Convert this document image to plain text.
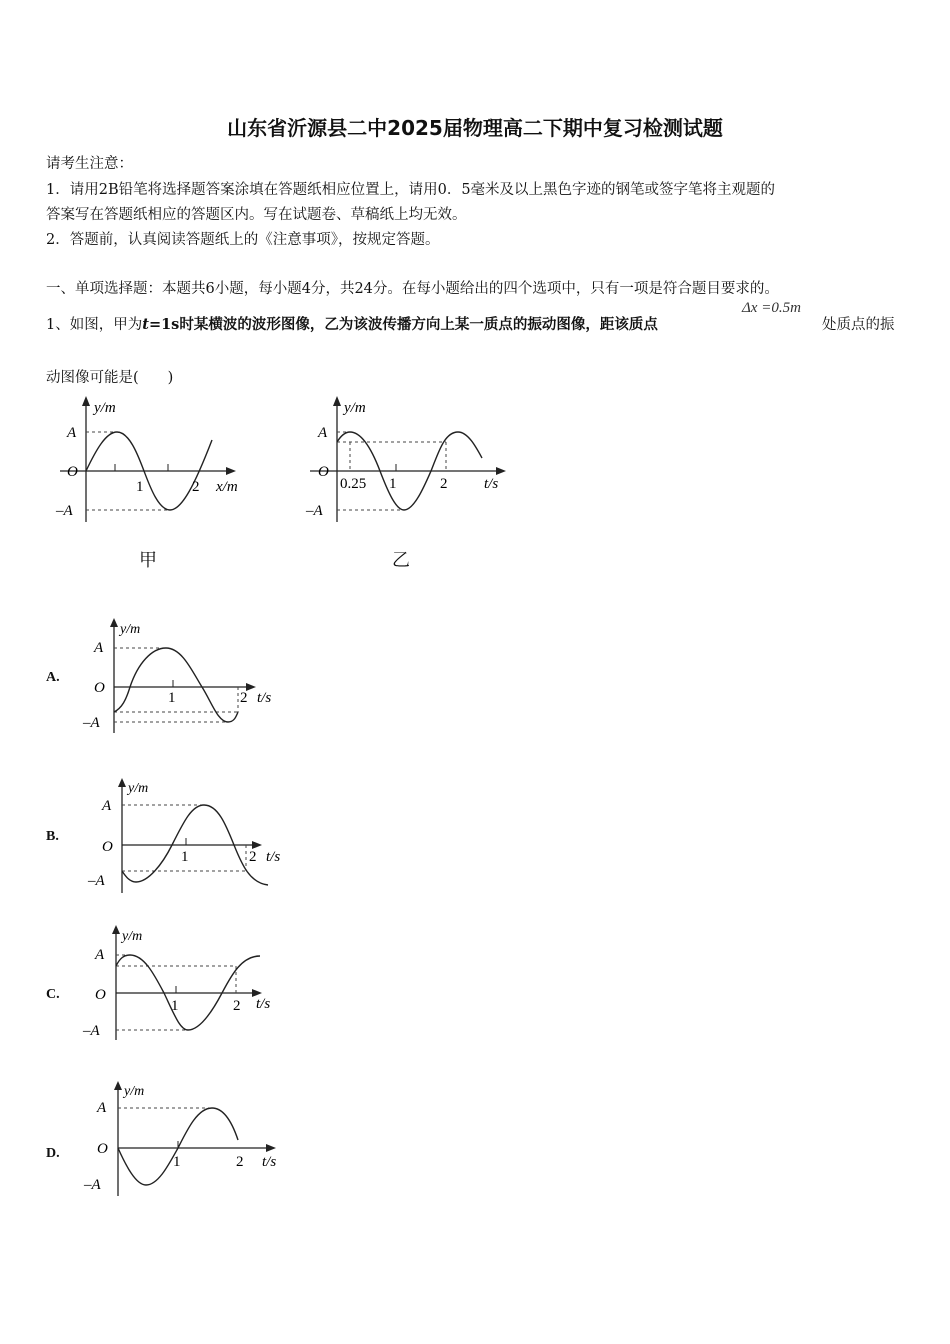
山东省沂源县二中2025届物理高二下期中复习检测试题
请考生注意：
1．请用2B铅笔将选择题答案涂填在答题纸相应位置上，请用0．5毫米及以上黑色字迹的钢笔或签字笔将主观题的
答案写在答题纸相应的答题区内。写在试题卷、草稿纸上均无效。
2．答题前，认真阅读答题纸上的《注意事项》，按规定答题。
一、单项选择题：本题共6小题，每小题4分，共24分。在每小题给出的四个选项中，只有一项是符合题目要求的。
1、如图，甲为t=1s时某横波的波形图像，乙为该波传播方向上某一质点的振动图像，距该质点
Δx =0.5m
处质点的振
动图像可能是(　　)
y/m
A
O
–A
1	2 x/m
甲
y/m
A
O
–A
0.25 1	2 t/s
乙
A.
y/m
A
O
–A
1	2 t/s
B.
y/m
A
O
–A
1	2 t/s
C.
y/m
A
O
–A
1	2 t/s
D.
y/m
A
O
–A
1	2 t/s
